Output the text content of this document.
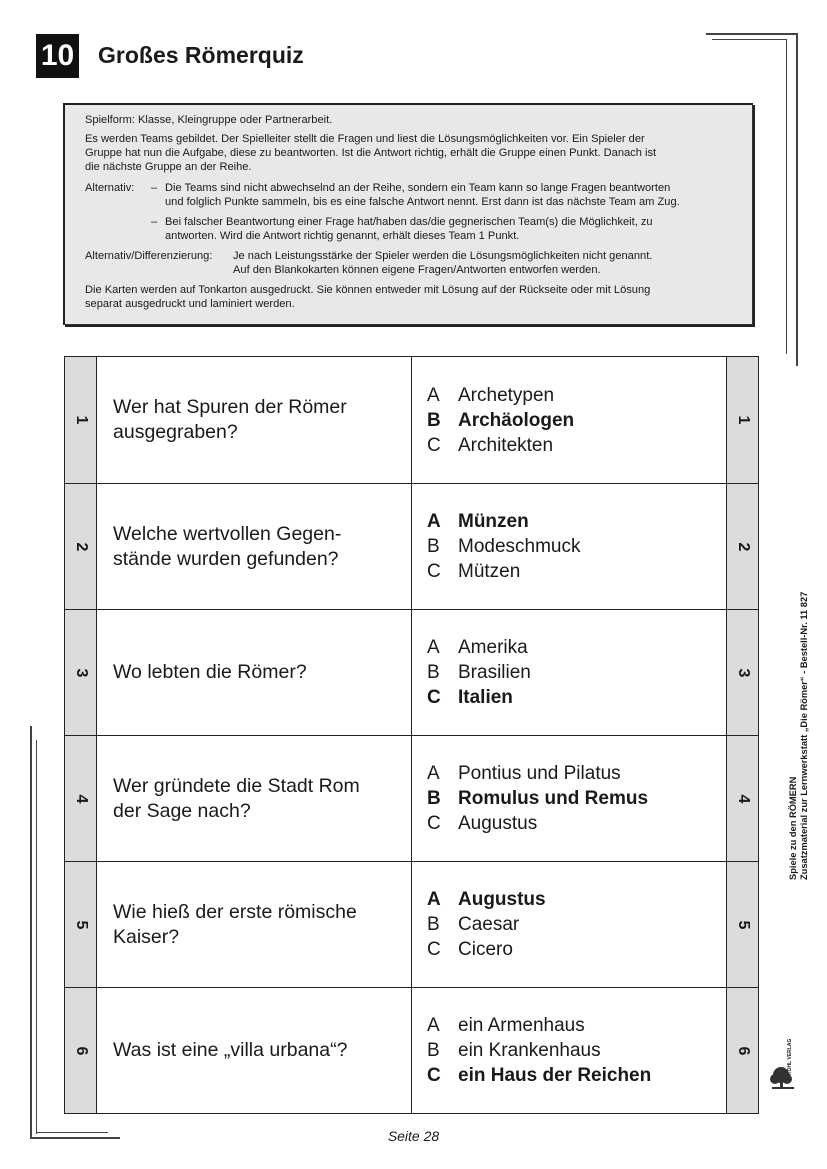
10 Großes Römerquiz

Spielform: Klasse, Kleingruppe oder Partnerarbeit.

Es werden Teams gebildet. Der Spielleiter stellt die Fragen und liest die Lösungsmöglichkeiten vor. Ein Spieler der

Gruppe hat nun die Aufgabe, diese zu beantworten. Ist die Antwort richtig, erhält die Gruppe einen Punkt. Danach ist

die nächste Gruppe an der Reihe.

Alternativ: – Die Teams sind nicht abwechselnd an der Reihe, sondern ein Team kann so lange Fragen beantworten
und folglich Punkte sammeln, bis es eine falsche Antwort nennt. Erst dann ist das nächste Team am Zug.
– Bei falscher Beantwortung einer Frage hat/haben das/die gegnerischen Team(s) die Möglichkeit, zu
antworten. Wird die Antwort richtig genannt, erhält dieses Team 1 Punkt.
Alternativ/Differenzierung: Je nach Leistungsstärke der Spieler werden die Lösungsmöglichkeiten nicht genannt.
Auf den Blankokarten können eigene Fragen/Antworten entworfen werden.

Die Karten werden auf Tonkarton ausgedruckt. Sie können entweder mit Lösung auf der Rückseite oder mit Lösung

separat ausgedruckt und laminiert werden.

1
Wer hat Spuren der Römer
ausgegraben?
A Archetypen
B Archäologen
C Architekten
1
2
Welche wertvollen Gegen-
stände wurden gefunden?
A Münzen
B Modeschmuck
C Mützen
2
3 Wo lebten die Römer?
A Amerika
B Brasilien
C Italien
3
4
Wer gründete die Stadt Rom
der Sage nach?
A Pontius und Pilatus
B Romulus und Remus
C Augustus
4
5
Wie hieß der erste römische
Kaiser?
A Augustus
B Caesar
C Cicero
5
6 Was ist eine „villa urbana“?
A ein Armenhaus
B ein Krankenhaus
C ein Haus der Reichen
6
Seite 28
Spiele zu den RÖMERN Zusatzmaterial zur Lernwerkstatt „Die Römer“ - Bestell-Nr. 11 827
KOHL VERLAG
